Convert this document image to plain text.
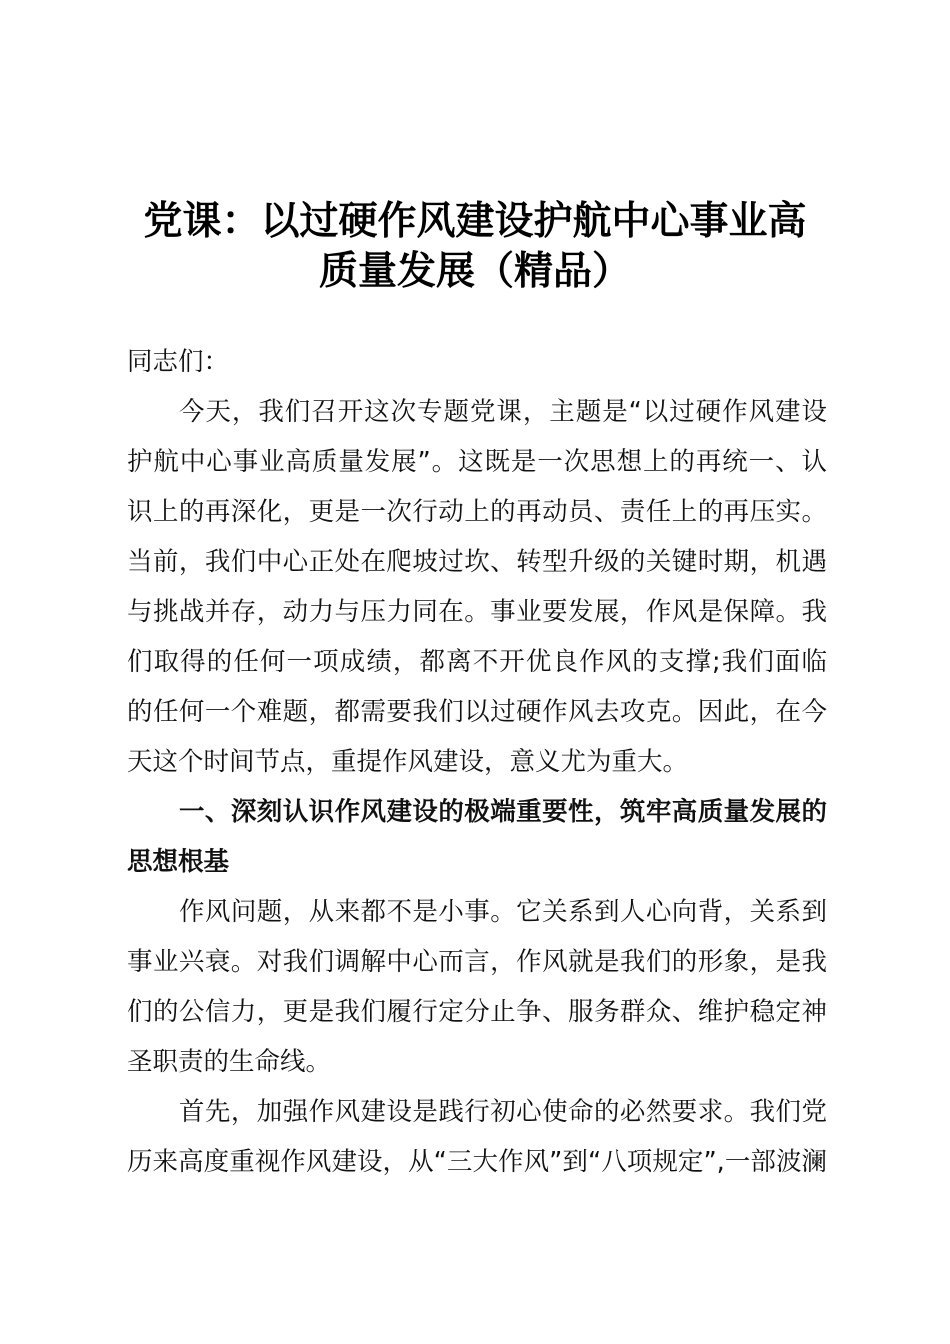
党课：以过硬作风建设护航中心事业高
质量发展（精品）
同志们：
今天，我们召开这次专题党课，主题是“以过硬作风建设
护航中心事业高质量发展”。这既是一次思想上的再统一、认
识上的再深化，更是一次行动上的再动员、责任上的再压实。
当前，我们中心正处在爬坡过坎、转型升级的关键时期，机遇
与挑战并存，动力与压力同在。事业要发展，作风是保障。我
们取得的任何一项成绩，都离不开优良作风的支撑;我们面临
的任何一个难题，都需要我们以过硬作风去攻克。因此，在今
天这个时间节点，重提作风建设，意义尤为重大。
一、深刻认识作风建设的极端重要性，筑牢高质量发展的
思想根基
作风问题，从来都不是小事。它关系到人心向背，关系到
事业兴衰。对我们调解中心而言，作风就是我们的形象，是我
们的公信力，更是我们履行定分止争、服务群众、维护稳定神
圣职责的生命线。
首先，加强作风建设是践行初心使命的必然要求。我们党
历来高度重视作风建设，从“三大作风”到“八项规定”,一部波澜
